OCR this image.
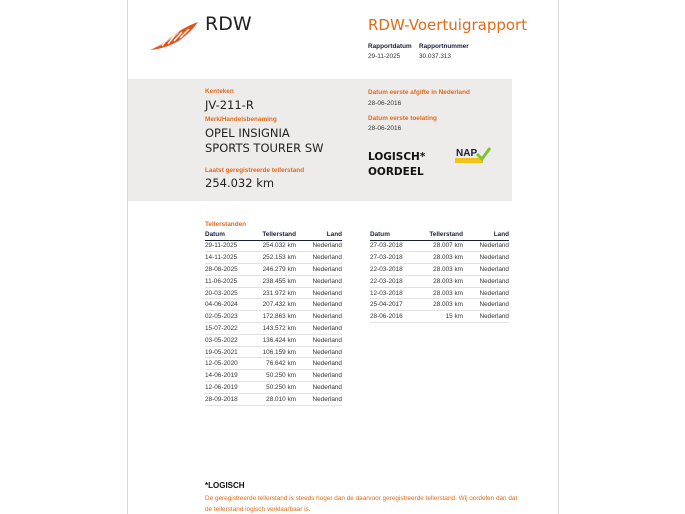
RDW	RDW-Voertuigrapport
Rapportdatum
29-11-2025
Rapportnummer
30.037.313
Kenteken
JV-211-R
Merk/Handelsbenaming
OPEL INSIGNIA
SPORTS TOURER SW
Laatst geregistreerde tellerstand
254.032 km
Datum eerste afgifte in Nederland
28-06-2016
Datum eerste toelating
28-06-2016
LOGISCH*
OORDEEL
NAP
Tellerstanden
Datum	Tellerstand	Land
29-11-2025	254.032 km	Nederland
14-11-2025	252.153 km	Nederland
28-08-2025	246.279 km	Nederland
11-06-2025	238.455 km	Nederland
20-03-2025	231.972 km	Nederland
04-06-2024	207.432 km	Nederland
02-05-2023	172.863 km	Nederland
15-07-2022	143.572 km	Nederland
03-05-2022	136.424 km	Nederland
19-05-2021	106.159 km	Nederland
12-05-2020	76.642 km	Nederland
14-06-2019	50.250 km	Nederland
12-06-2019	50.250 km	Nederland
28-09-2018	28.010 km	Nederland
Datum	Tellerstand	Land
27-03-2018	28.007 km	Nederland
27-03-2018	28.003 km	Nederland
22-03-2018	28.003 km	Nederland
22-03-2018	28.003 km	Nederland
12-03-2018	28.003 km	Nederland
25-04-2017	28.003 km	Nederland
28-06-2016	15 km	Nederland
*LOGISCH
De geregistreerde tellerstand is steeds hoger dan de daarvoor geregistreerde tellerstand. Wij oordelen dan dat de tellerstand logisch verklaarbaar is.
